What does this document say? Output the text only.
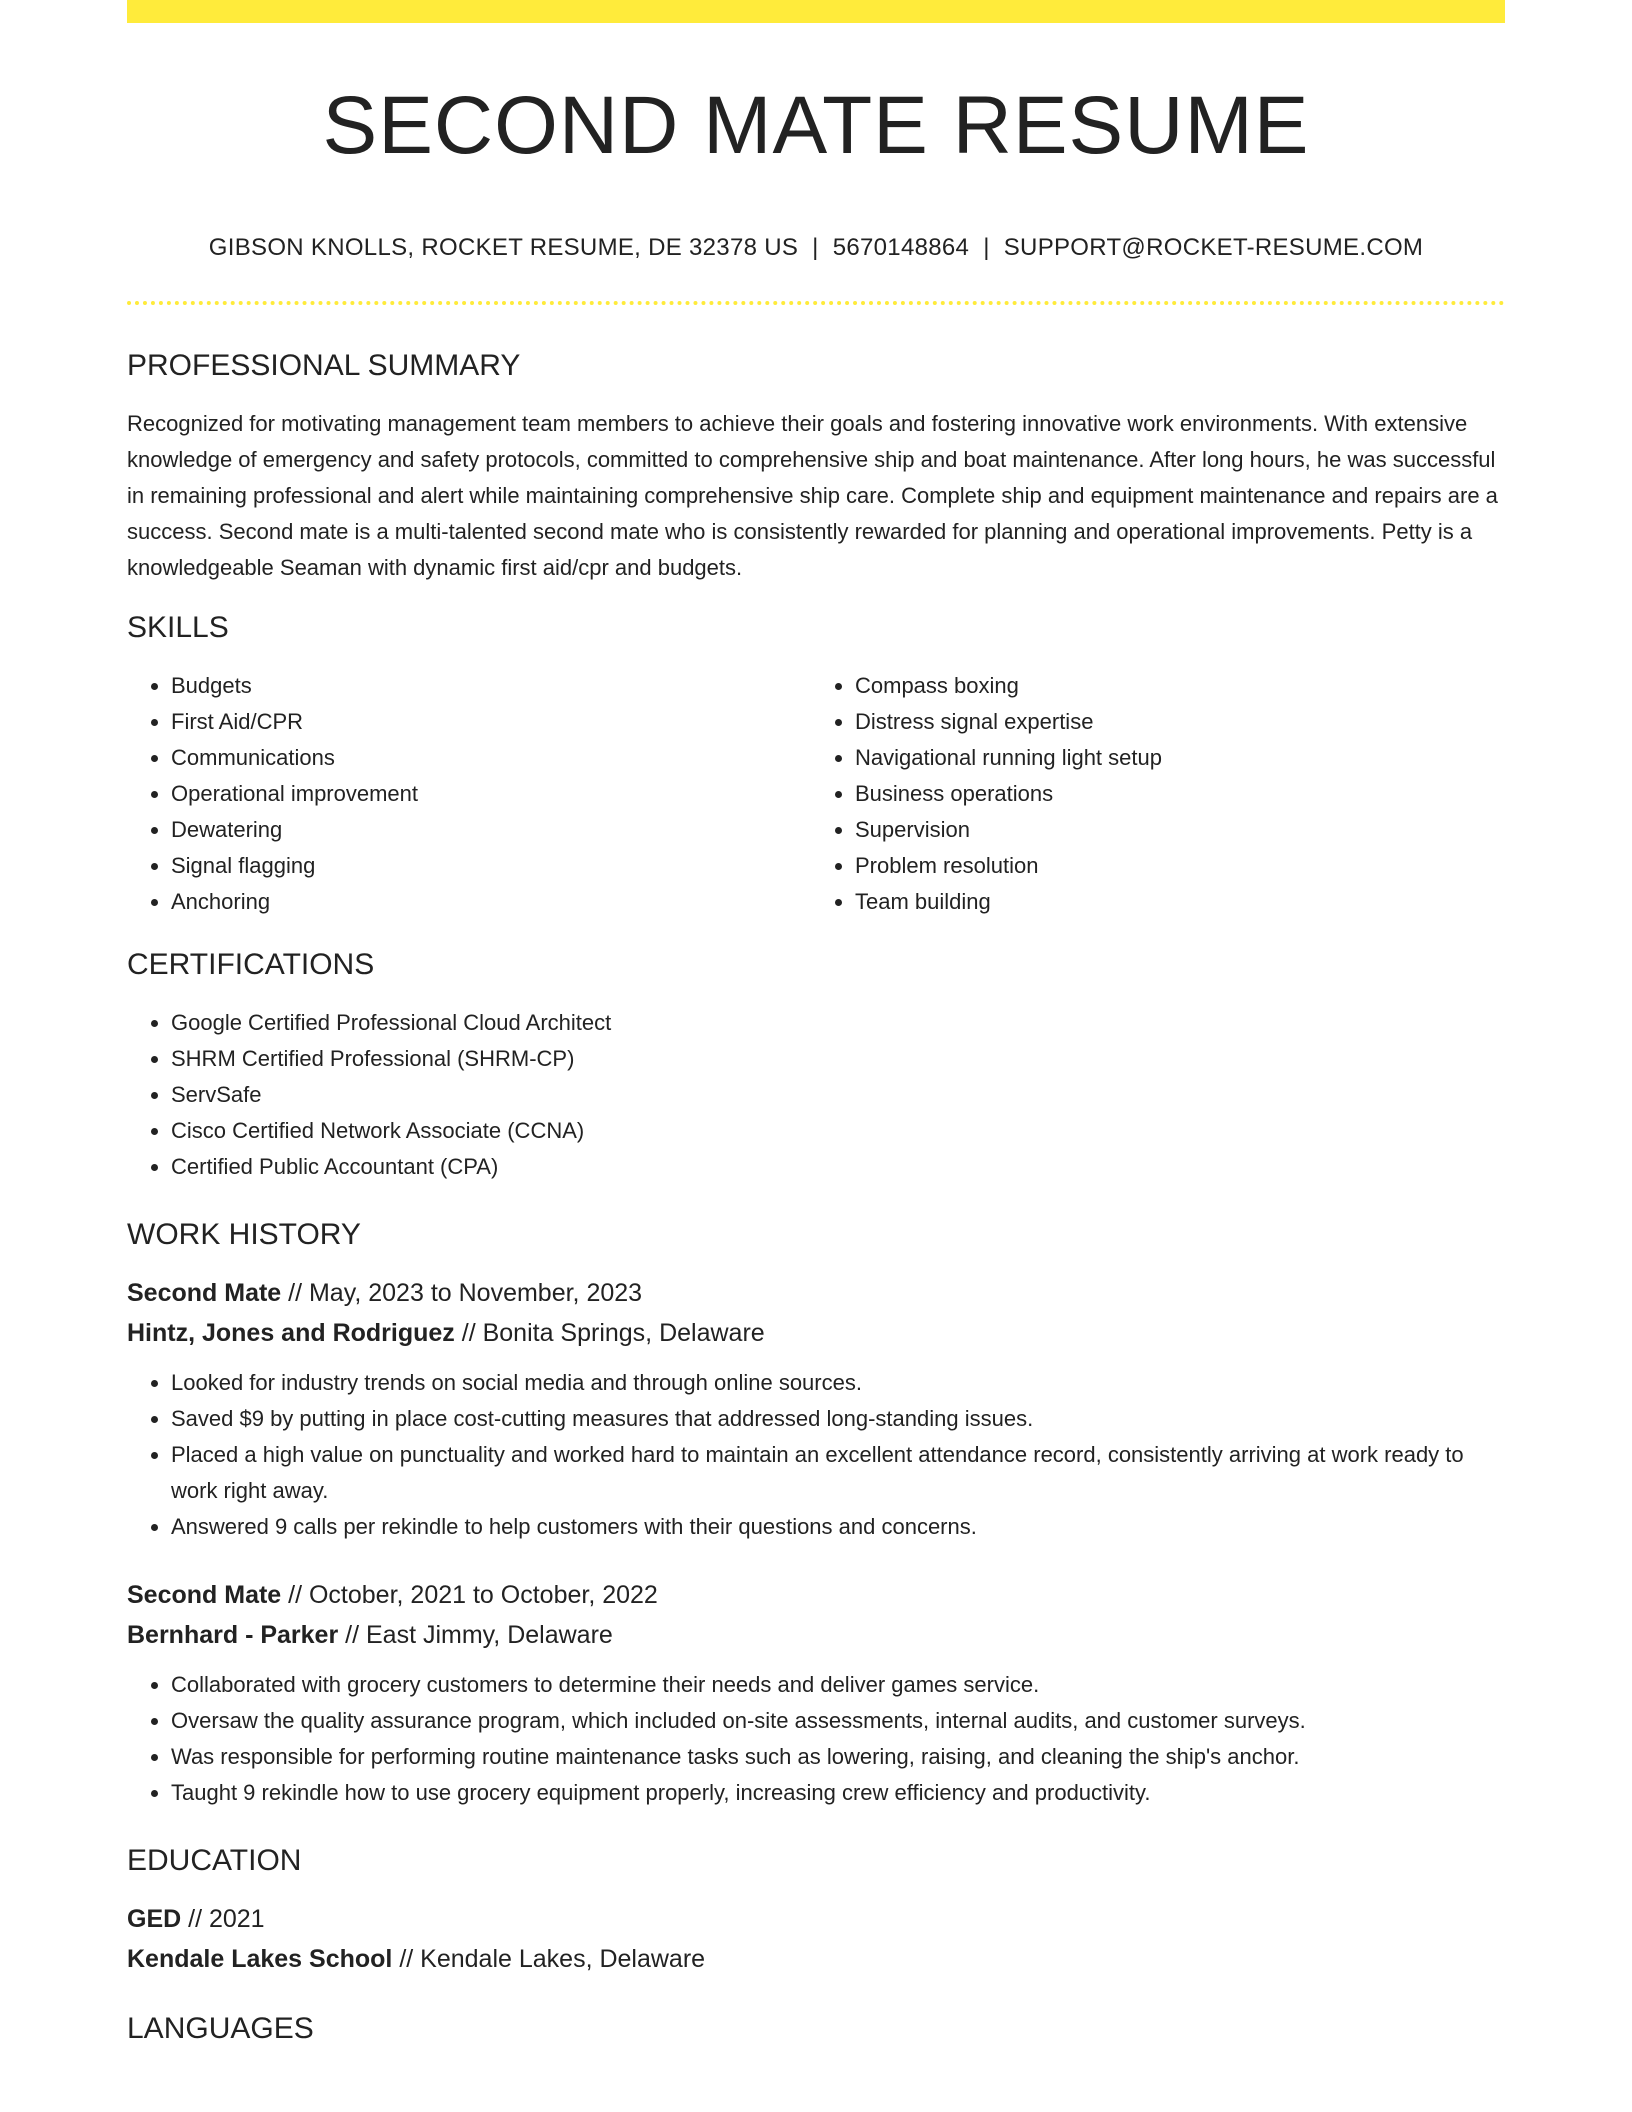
SECOND MATE RESUME
GIBSON KNOLLS, ROCKET RESUME, DE 32378 US | 5670148864 | SUPPORT@ROCKET-RESUME.COM
PROFESSIONAL SUMMARY
Recognized for motivating management team members to achieve their goals and fostering innovative work environments. With extensive knowledge of emergency and safety protocols, committed to comprehensive ship and boat maintenance. After long hours, he was successful in remaining professional and alert while maintaining comprehensive ship care. Complete ship and equipment maintenance and repairs are a success. Second mate is a multi-talented second mate who is consistently rewarded for planning and operational improvements. Petty is a knowledgeable Seaman with dynamic first aid/cpr and budgets.
SKILLS
• Budgets
• First Aid/CPR
• Communications
• Operational improvement
• Dewatering
• Signal flagging
• Anchoring
• Compass boxing
• Distress signal expertise
• Navigational running light setup
• Business operations
• Supervision
• Problem resolution
• Team building
CERTIFICATIONS
• Google Certified Professional Cloud Architect
• SHRM Certified Professional (SHRM-CP)
• ServSafe
• Cisco Certified Network Associate (CCNA)
• Certified Public Accountant (CPA)
WORK HISTORY
Second Mate // May, 2023 to November, 2023
Hintz, Jones and Rodriguez // Bonita Springs, Delaware
• Looked for industry trends on social media and through online sources.
• Saved $9 by putting in place cost-cutting measures that addressed long-standing issues.
• Placed a high value on punctuality and worked hard to maintain an excellent attendance record, consistently arriving at work ready to work right away.
• Answered 9 calls per rekindle to help customers with their questions and concerns.
Second Mate // October, 2021 to October, 2022
Bernhard - Parker // East Jimmy, Delaware
• Collaborated with grocery customers to determine their needs and deliver games service.
• Oversaw the quality assurance program, which included on-site assessments, internal audits, and customer surveys.
• Was responsible for performing routine maintenance tasks such as lowering, raising, and cleaning the ship's anchor.
• Taught 9 rekindle how to use grocery equipment properly, increasing crew efficiency and productivity.
EDUCATION
GED // 2021
Kendale Lakes School // Kendale Lakes, Delaware
LANGUAGES
